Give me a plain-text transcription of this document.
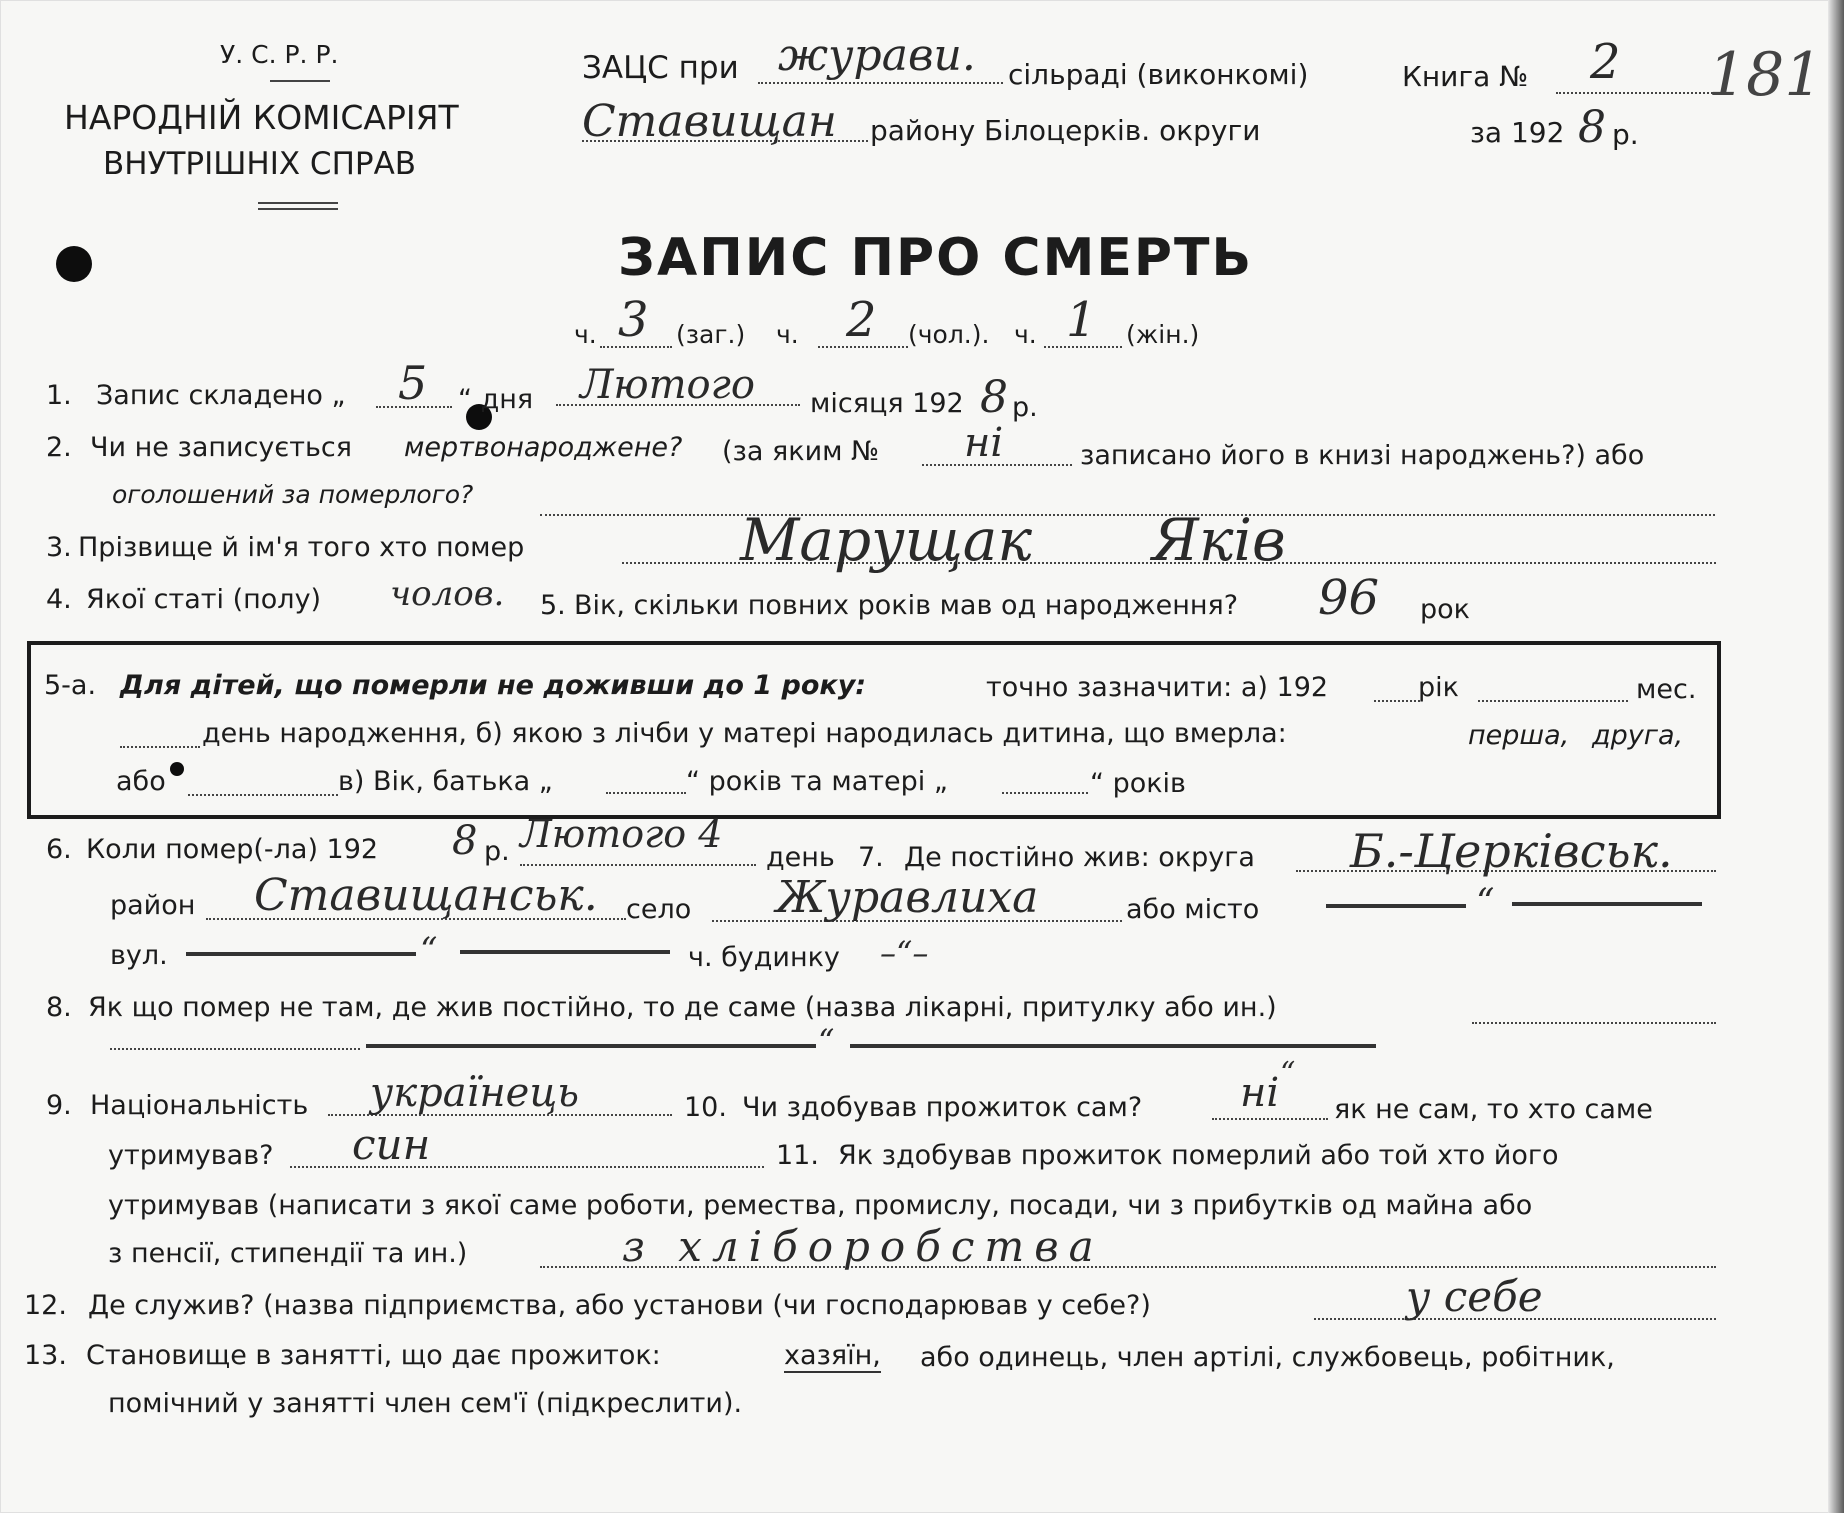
У. С. Р. Р.
НАРОДНІЙ КОМІСАРІЯТ
ВНУТРІШНІХ СПРАВ
ЗАЦС при журави. сільраді (виконкомі)
Ставищан району Білоцерків. округи
Книга № 2
за 192 8 р.
181
ЗАПИС ПРО СМЕРТЬ
ч. 3 (заг.) ч. 2 (чол.). ч. 1 (жін.)
1. Запис складено „ 5 “ дня Лютого місяця 192 8 р.
2. Чи не записується мертвонароджене? (за яким № ні	записано його в книзі народжень?) або
оголошений за померлого?
3. Прізвище й ім'я того хто помер	Марущак Яків
4. Якої статі (полу) чолов. 5. Вік, скільки повних років мав од народження? 96 рок
5-а. Для дітей, що померли не доживши до 1 року:	точно зазначити: а) 192	рік	мес.
день народження, б) якою з лічби у матері народилась дитина, що вмерла:	перша, друга,
або	в) Вік, батька „	“ років та матері „	“ років
6. Коли помер(-ла) 192 8 р. Лютого 4
день 7. Де постійно жив: округа Б.-Церківськ.
район Ставищанськ. село Журавлиха	або місто	“
вул.	“	ч. будинку –“–
8. Як що помер не там, де жив постійно, то де саме (назва лікарні, притулку або ин.)
“
“
9. Національність українець	10. Чи здобував прожиток сам? ні як не сам, то хто саме
утримував? син	11. Як здобував прожиток померлий або той хто його
утримував (написати з якої саме роботи, ремества, промислу, посади, чи з прибутків од майна або
з пенсії, стипендії та ин.)	з хліборобства
12. Де служив? (назва підприємства, або установи (чи господарював у себе?)	у себе
13. Становище в занятті, що дає прожиток:	хазяїн, або одинець, член артілі, службовець, робітник,
помічний у занятті член сем'ї (підкреслити).
